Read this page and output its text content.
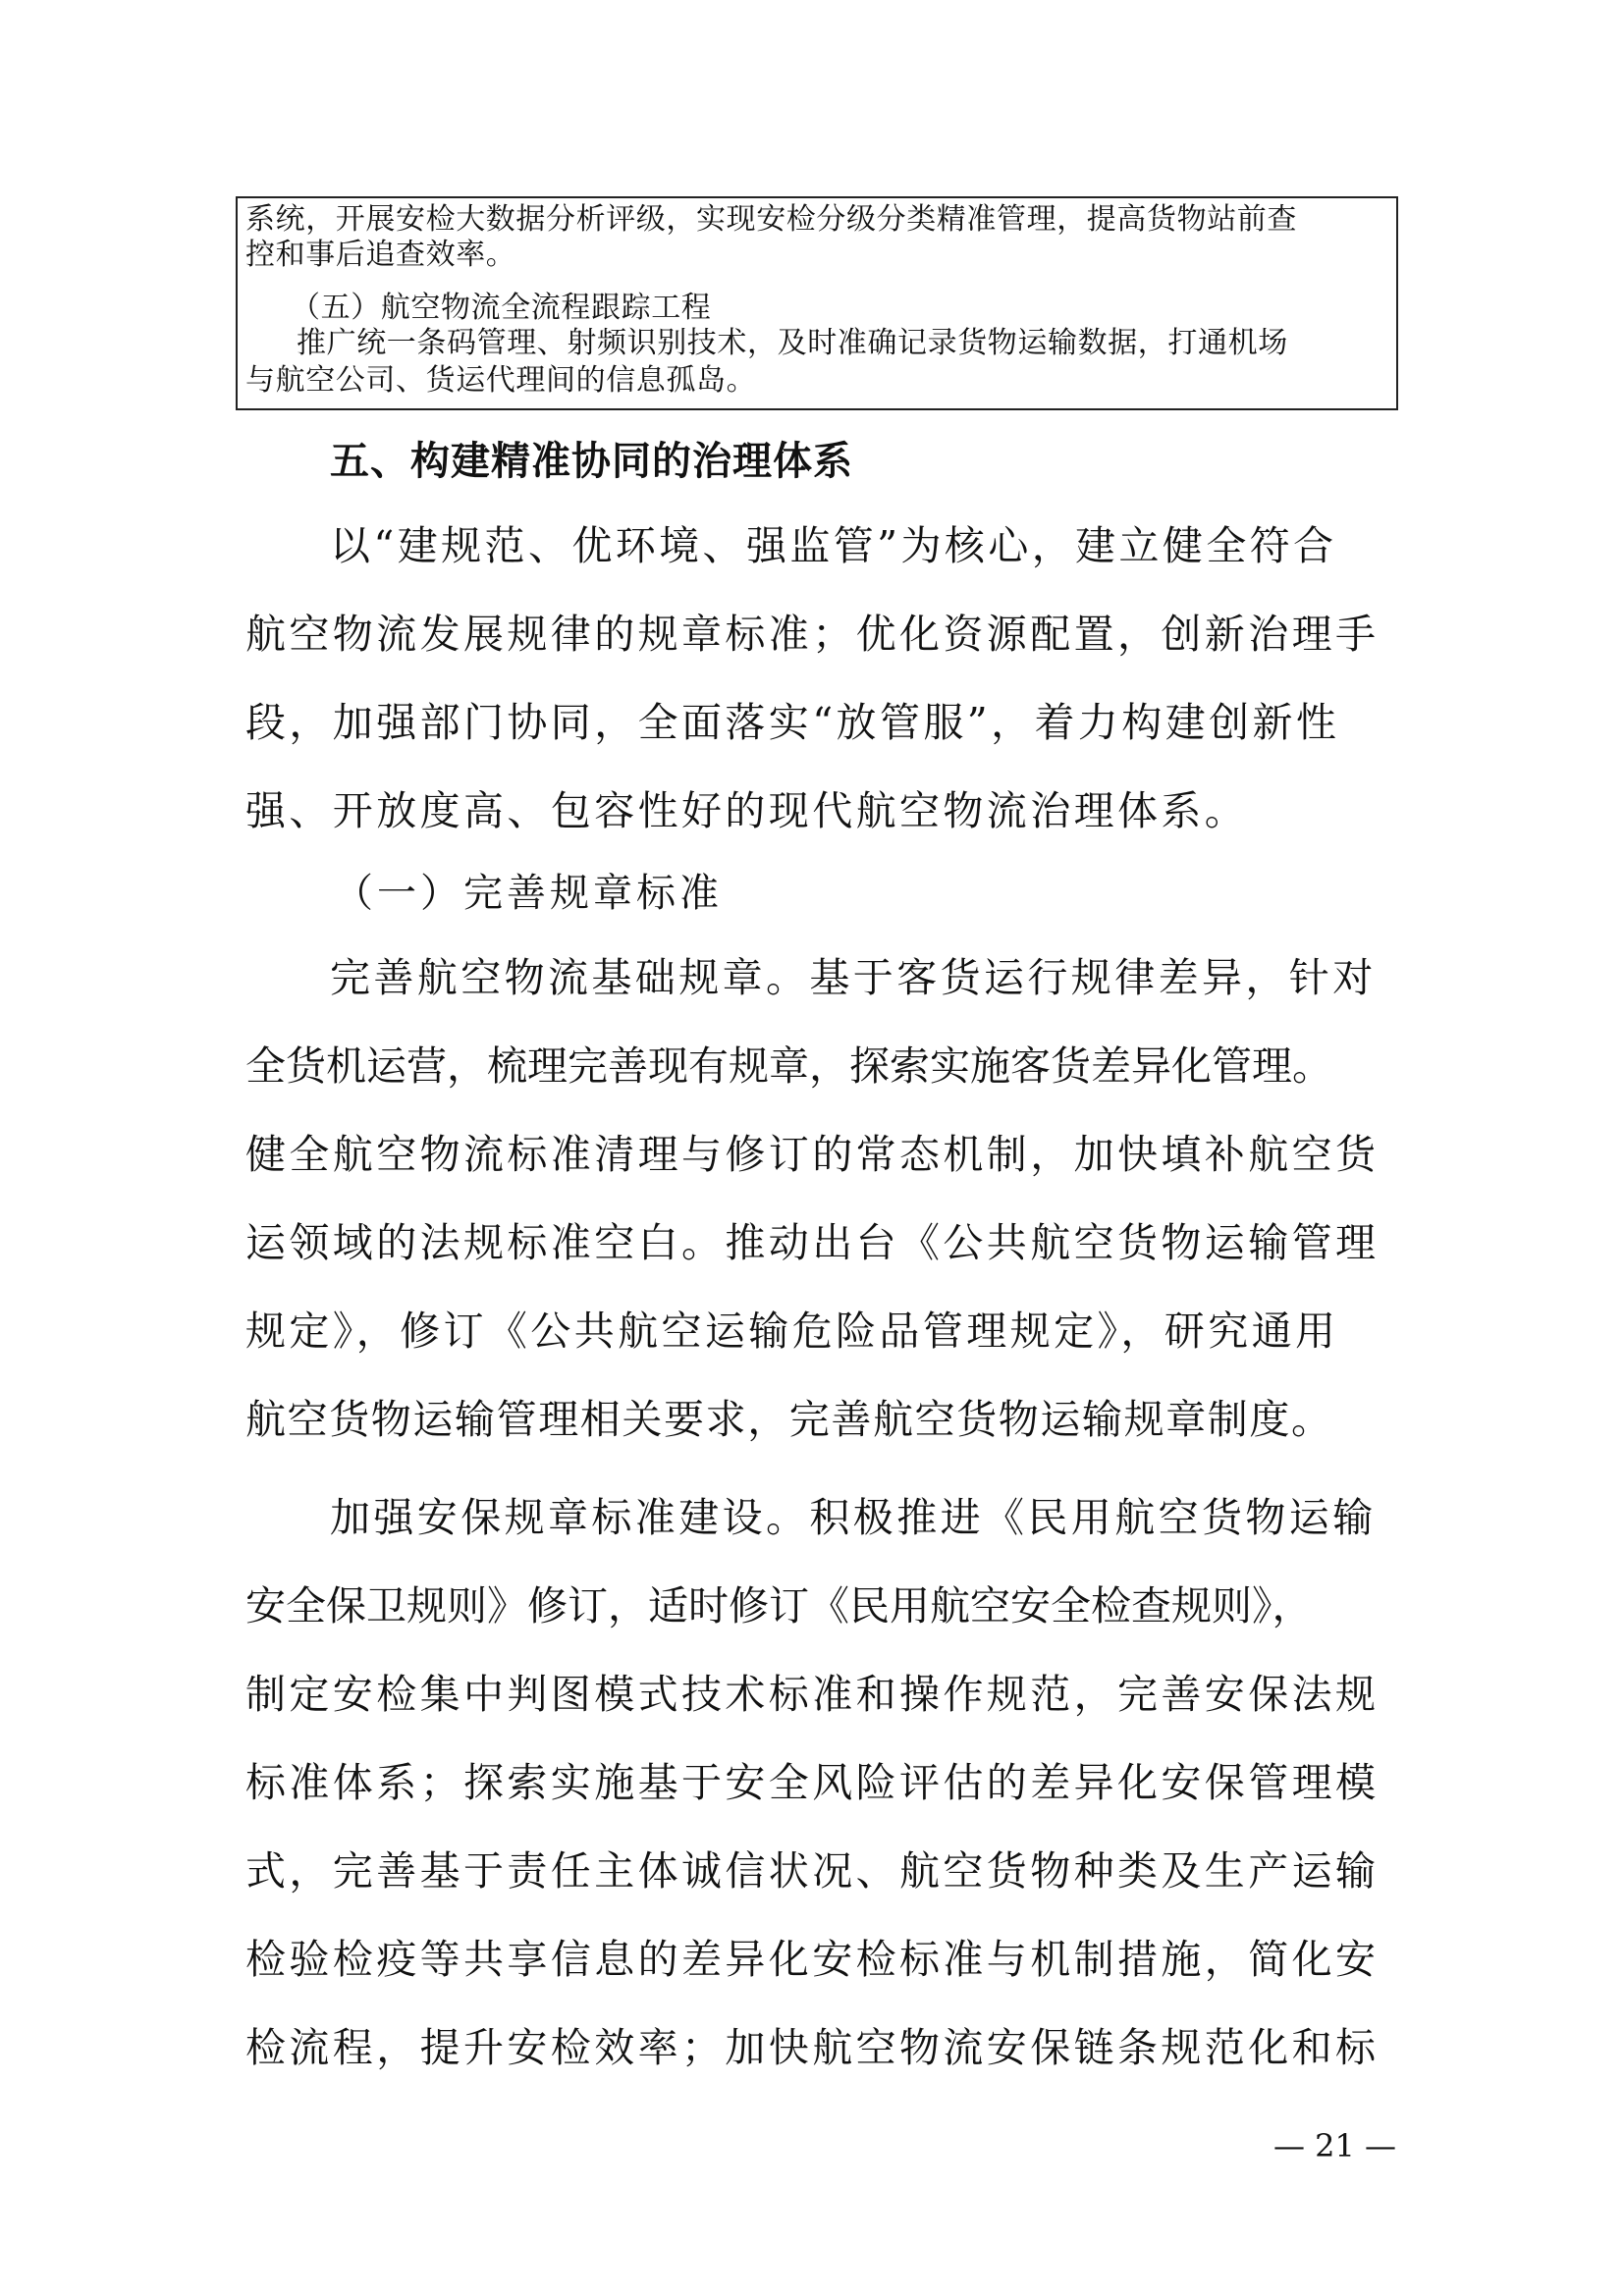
系统，开展安检大数据分析评级，实现安检分级分类精准管理，提高货物站前查
控和事后追查效率。
（五）航空物流全流程跟踪工程
推广统一条码管理、射频识别技术，及时准确记录货物运输数据，打通机场
与航空公司、货运代理间的信息孤岛。
五、构建精准协同的治理体系
以“建规范、优环境、强监管”为核心，建立健全符合
航空物流发展规律的规章标准；优化资源配置，创新治理手
段，加强部门协同，全面落实“放管服”，着力构建创新性
强、开放度高、包容性好的现代航空物流治理体系。
（一）完善规章标准
完善航空物流基础规章。基于客货运行规律差异，针对
全货机运营，梳理完善现有规章，探索实施客货差异化管理。
健全航空物流标准清理与修订的常态机制，加快填补航空货
运领域的法规标准空白。推动出台《公共航空货物运输管理
规定》，修订《公共航空运输危险品管理规定》，研究通用
航空货物运输管理相关要求，完善航空货物运输规章制度。
加强安保规章标准建设。积极推进《民用航空货物运输
安全保卫规则》修订，适时修订《民用航空安全检查规则》，
制定安检集中判图模式技术标准和操作规范，完善安保法规
标准体系；探索实施基于安全风险评估的差异化安保管理模
式，完善基于责任主体诚信状况、航空货物种类及生产运输
检验检疫等共享信息的差异化安检标准与机制措施，简化安
检流程，提升安检效率；加快航空物流安保链条规范化和标
— 21 —
